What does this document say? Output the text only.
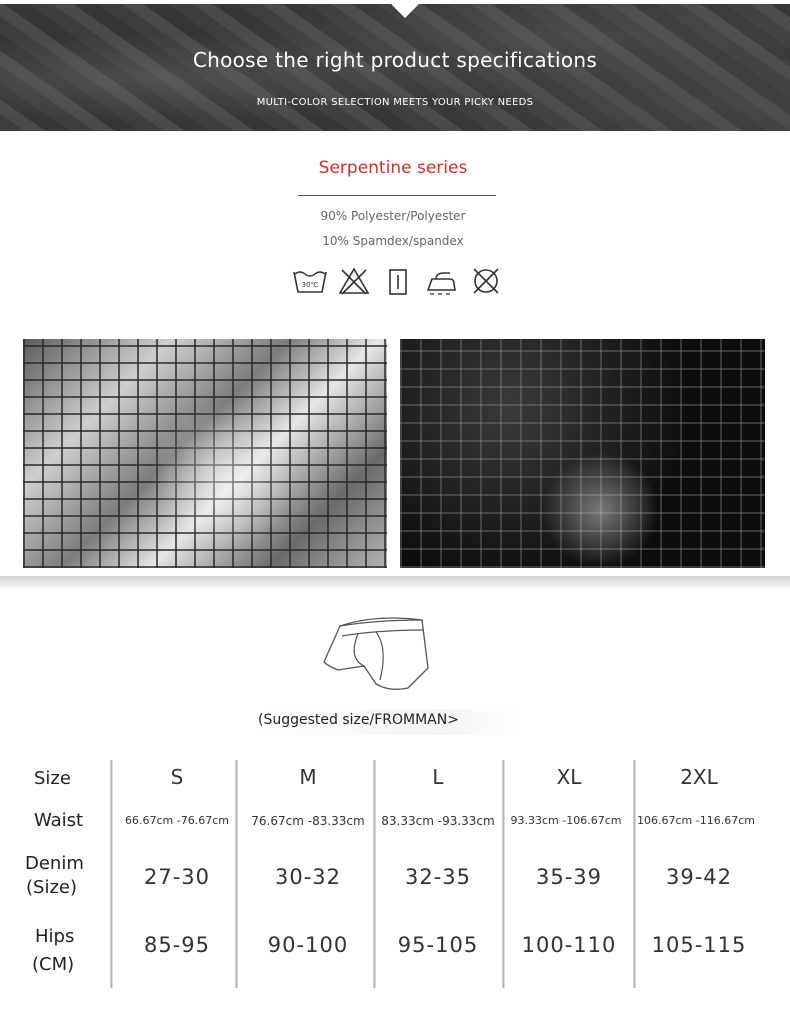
Choose the right product specifications
MULTI-COLOR SELECTION MEETS YOUR PICKY NEEDS
Serpentine series
90% Polyester/Polyester
10% Spamdex/spandex
30℃
(Suggested size/FROMMAN>
Size
Waist
Denim
(Size)
Hips
(CM)
S
66.67cm -76.67cm
27-30
85-95
M
76.67cm -83.33cm
30-32
90-100
L
83.33cm -93.33cm
32-35
95-105
XL
93.33cm -106.67cm
35-39
100-110
2XL
106.67cm -116.67cm
39-42
105-115
